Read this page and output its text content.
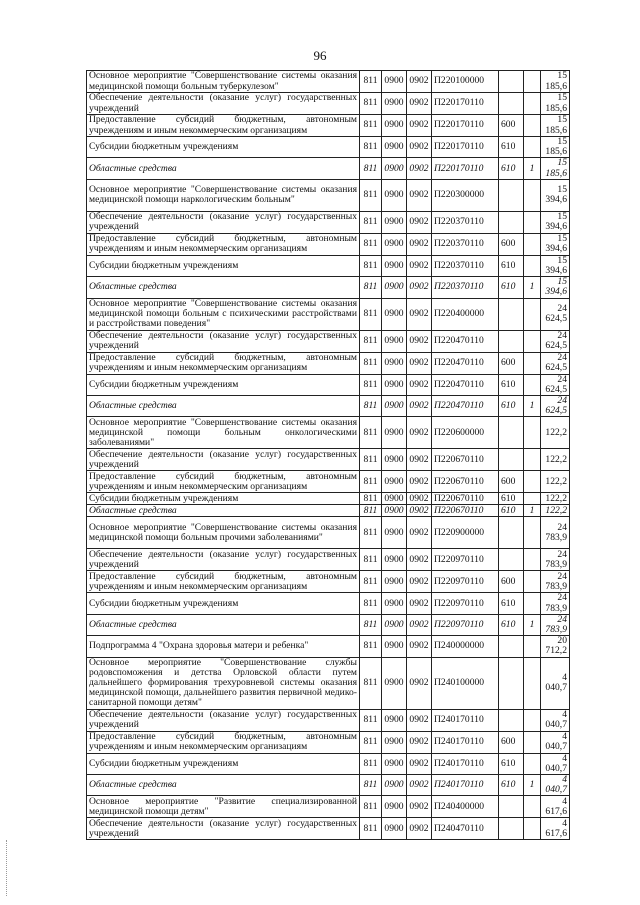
96
Основное мероприятие "Совершенствование системы оказания медицинской помощи больным туберкулезом"	811	0900	0902	П220100000			15 185,6
Обеспечение деятельности (оказание услуг) государственных учреждений	811	0900	0902	П220170110			15 185,6
Предоставление субсидий бюджетным, автономным учреждениям и иным некоммерческим организациям	811	0900	0902	П220170110	600		15 185,6
Субсидии бюджетным учреждениям	811	0900	0902	П220170110	610		15 185,6
Областные средства	811	0900	0902	П220170110	610	1	15 185,6
Основное мероприятие "Совершенствование системы оказания медицинской помощи наркологическим больным"	811	0900	0902	П220300000			15 394,6
Обеспечение деятельности (оказание услуг) государственных учреждений	811	0900	0902	П220370110			15 394,6
Предоставление субсидий бюджетным, автономным учреждениям и иным некоммерческим организациям	811	0900	0902	П220370110	600		15 394,6
Субсидии бюджетным учреждениям	811	0900	0902	П220370110	610		15 394,6
Областные средства	811	0900	0902	П220370110	610	1	15 394,6
Основное мероприятие "Совершенствование системы оказания медицинской помощи больным с психическими расстройствами и расстройствами поведения"	811	0900	0902	П220400000			24 624,5
Обеспечение деятельности (оказание услуг) государственных учреждений	811	0900	0902	П220470110			24 624,5
Предоставление субсидий бюджетным, автономным учреждениям и иным некоммерческим организациям	811	0900	0902	П220470110	600		24 624,5
Субсидии бюджетным учреждениям	811	0900	0902	П220470110	610		24 624,5
Областные средства	811	0900	0902	П220470110	610	1	24 624,5
Основное мероприятие "Совершенствование системы оказания медицинской помощи больным онкологическими заболеваниями"	811	0900	0902	П220600000			122,2
Обеспечение деятельности (оказание услуг) государственных учреждений	811	0900	0902	П220670110			122,2
Предоставление субсидий бюджетным, автономным учреждениям и иным некоммерческим организациям	811	0900	0902	П220670110	600		122,2
Субсидии бюджетным учреждениям	811	0900	0902	П220670110	610		122,2
Областные средства	811	0900	0902	П220670110	610	1	122,2
Основное мероприятие "Совершенствование системы оказания медицинской помощи больным прочими заболеваниями"	811	0900	0902	П220900000			24 783,9
Обеспечение деятельности (оказание услуг) государственных учреждений	811	0900	0902	П220970110			24 783,9
Предоставление субсидий бюджетным, автономным учреждениям и иным некоммерческим организациям	811	0900	0902	П220970110	600		24 783,9
Субсидии бюджетным учреждениям	811	0900	0902	П220970110	610		24 783,9
Областные средства	811	0900	0902	П220970110	610	1	24 783,9
Подпрограмма 4 "Охрана здоровья матери и ребенка"	811	0900	0902	П240000000			20 712,2
Основное мероприятие "Совершенствование службы родовспоможения и детства Орловской области путем дальнейшего формирования трехуровневой системы оказания медицинской помощи, дальнейшего развития первичной медико-санитарной помощи детям"	811	0900	0902	П240100000			4 040,7
Обеспечение деятельности (оказание услуг) государственных учреждений	811	0900	0902	П240170110			4 040,7
Предоставление субсидий бюджетным, автономным учреждениям и иным некоммерческим организациям	811	0900	0902	П240170110	600		4 040,7
Субсидии бюджетным учреждениям	811	0900	0902	П240170110	610		4 040,7
Областные средства	811	0900	0902	П240170110	610	1	4 040,7
Основное мероприятие "Развитие специализированной медицинской помощи детям"	811	0900	0902	П240400000			4 617,6
Обеспечение деятельности (оказание услуг) государственных учреждений	811	0900	0902	П240470110			4 617,6
